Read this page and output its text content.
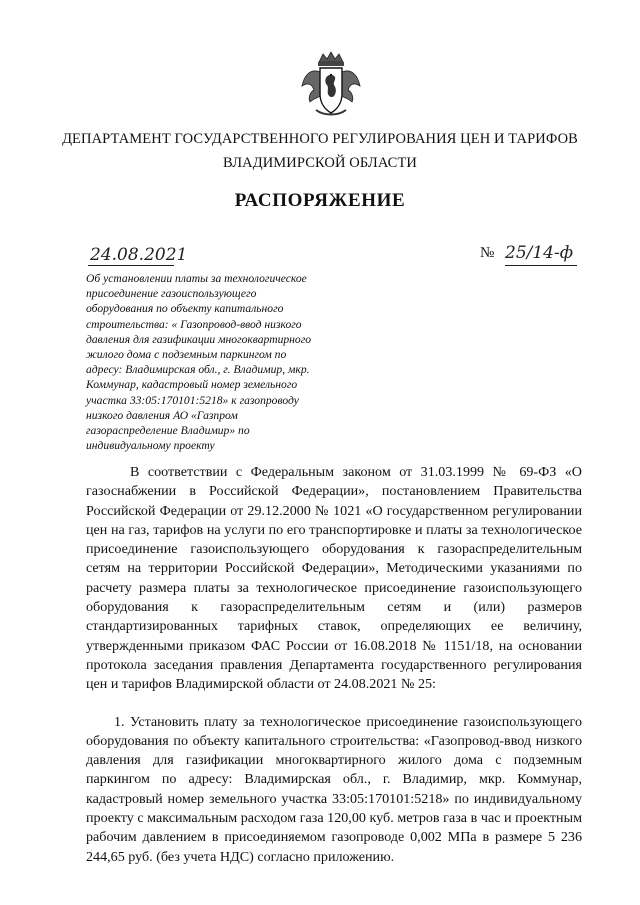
ДЕПАРТАМЕНТ ГОСУДАРСТВЕННОГО РЕГУЛИРОВАНИЯ ЦЕН И ТАРИФОВ
ВЛАДИМИРСКОЙ ОБЛАСТИ
РАСПОРЯЖЕНИЕ
24.08.2021	№ 25/14-ф
Об установлении платы за технологическое
присоединение газоиспользующего
оборудования по объекту капитального
строительства: « Газопровод-ввод низкого
давления для газификации многоквартирного
жилого дома с подземным паркингом по
адресу: Владимирская обл., г. Владимир, мкр.
Коммунар, кадастровый номер земельного
участка 33:05:170101:5218» к газопроводу
низкого давления АО «Газпром
газораспределение Владимир» по
индивидуальному проекту
В соответствии с Федеральным законом от 31.03.1999 № 69-ФЗ «О газоснабжении в Российской Федерации», постановлением Правительства Российской Федерации от 29.12.2000 № 1021 «О государственном регулировании цен на газ, тарифов на услуги по его транспортировке и платы за технологическое присоединение газоиспользующего оборудования к газораспределительным сетям на территории Российской Федерации», Методическими указаниями по расчету размера платы за технологическое присоединение газоиспользующего оборудования к газораспределительным сетям и (или) размеров стандартизированных тарифных ставок, определяющих ее величину, утвержденными приказом ФАС России от 16.08.2018 № 1151/18, на основании протокола заседания правления Департамента государственного регулирования цен и тарифов Владимирской области от 24.08.2021 № 25:
1. Установить плату за технологическое присоединение газоиспользующего оборудования по объекту капитального строительства: «Газопровод-ввод низкого давления для газификации многоквартирного жилого дома с подземным паркингом по адресу: Владимирская обл., г. Владимир, мкр. Коммунар, кадастровый номер земельного участка 33:05:170101:5218» по индивидуальному проекту с максимальным расходом газа 120,00 куб. метров газа в час и проектным рабочим давлением в присоединяемом газопроводе 0,002 МПа в размере 5 236 244,65 руб. (без учета НДС) согласно приложению.
